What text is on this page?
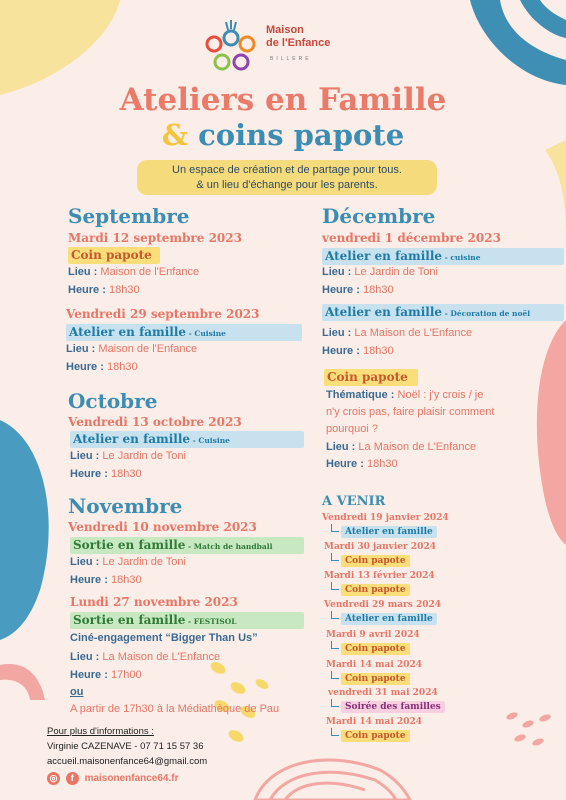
Maison
de l'Enfance
BILLERE
Ateliers en Famille
& coins papote
Un espace de création et de partage pour tous.
& un lieu d'échange pour les parents.
Septembre
Mardi 12 septembre 2023
Coin papote
Lieu : Maison de l'Enfance
Heure : 18h30
Vendredi 29 septembre 2023
Atelier en famille - Cuisine
Lieu : Maison de l'Enfance
Heure : 18h30
Octobre
Vendredi 13 octobre 2023
Atelier en famille - Cuisine
Lieu : Le Jardin de Toni
Heure : 18h30
Novembre
Vendredi 10 novembre 2023
Sortie en famille - Match de handball
Lieu : Le Jardin de Toni
Heure : 18h30
Lundi 27 novembre 2023
Sortie en famille - FESTISOL
Ciné-engagement “Bigger Than Us”
Lieu : La Maison de L'Enfance
Heure : 17h00
ou
A partir de 17h30 à la Médiathèque de Pau
Décembre
vendredi 1 décembre 2023
Atelier en famille - cuisine
Lieu : Le Jardin de Toni
Heure : 18h30
Atelier en famille - Décoration de noël
Lieu : La Maison de L'Enfance
Heure : 18h30
Coin papote
Thématique : Noël : j'y crois / je
n'y crois pas, faire plaisir comment
pourquoi ?
Lieu : La Maison de L'Enfance
Heure : 18h30
A VENIR
Vendredi 19 janvier 2024
Atelier en famille
Mardi 30 janvier 2024
Coin papote
Mardi 13 février 2024
Coin papote
Vendredi 29 mars 2024
Atelier en famille
Mardi 9 avril 2024
Coin papote
Mardi 14 mai 2024
Coin papote
vendredi 31 mai 2024
Soirée des familles
Mardi 14 mai 2024
Coin papote
Pour plus d'informations :
Virginie CAZENAVE - 07 71 15 57 36
accueil.maisonenfance64@gmail.com
◎ f maisonenfance64.fr
